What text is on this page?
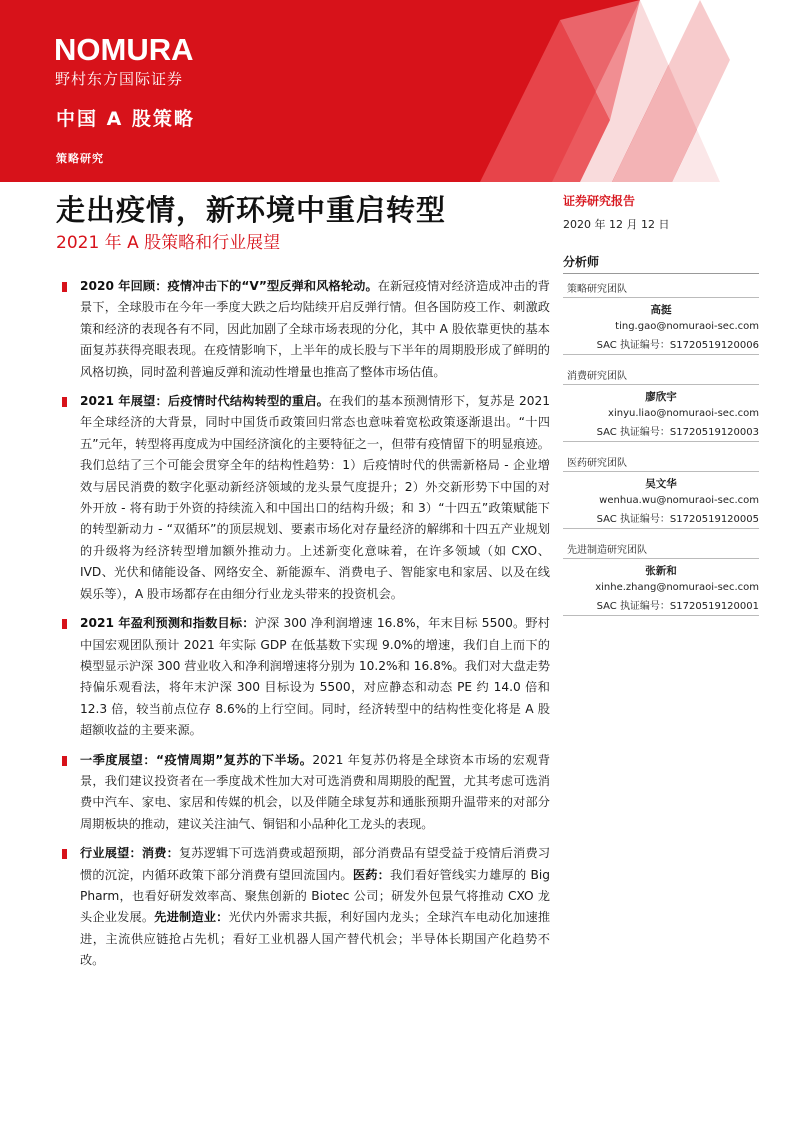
NOMURA
野村东方国际证券
中国 A 股策略
策略研究
走出疫情，新环境中重启转型
2021 年 A 股策略和行业展望
证券研究报告
2020 年 12 月 12 日
2020 年回顾：疫情冲击下的“V”型反弹和风格轮动。在新冠疫情对经济造成冲击的背景下，全球股市在今年一季度大跌之后均陆续开启反弹行情。但各国防疫工作、刺激政策和经济的表现各有不同，因此加剧了全球市场表现的分化，其中 A 股依靠更快的基本面复苏获得亮眼表现。在疫情影响下，上半年的成长股与下半年的周期股形成了鲜明的风格切换，同时盈利普遍反弹和流动性增量也推高了整体市场估值。
2021 年展望：后疫情时代结构转型的重启。在我们的基本预测情形下，复苏是 2021 年全球经济的大背景，同时中国货币政策回归常态也意味着宽松政策逐渐退出。“十四五”元年，转型将再度成为中国经济演化的主要特征之一，但带有疫情留下的明显痕迹。我们总结了三个可能会贯穿全年的结构性趋势：1）后疫情时代的供需新格局 - 企业增效与居民消费的数字化驱动新经济领域的龙头景气度提升；2）外交新形势下中国的对外开放 - 将有助于外资的持续流入和中国出口的结构升级；和 3）“十四五”政策赋能下的转型新动力 - “双循环”的顶层规划、要素市场化对存量经济的解绑和十四五产业规划的升级将为经济转型增加额外推动力。上述新变化意味着，在许多领域（如 CXO、IVD、光伏和储能设备、网络安全、新能源车、消费电子、智能家电和家居、以及在线娱乐等），A 股市场都存在由细分行业龙头带来的投资机会。
2021 年盈利预测和指数目标：沪深 300 净利润增速 16.8%，年末目标 5500。野村中国宏观团队预计 2021 年实际 GDP 在低基数下实现 9.0%的增速，我们自上而下的模型显示沪深 300 营业收入和净利润增速将分别为 10.2%和 16.8%。我们对大盘走势持偏乐观看法，将年末沪深 300 目标设为 5500，对应静态和动态 PE 约 14.0 倍和 12.3 倍，较当前点位存 8.6%的上行空间。同时，经济转型中的结构性变化将是 A 股超额收益的主要来源。
一季度展望：“疫情周期”复苏的下半场。2021 年复苏仍将是全球资本市场的宏观背景，我们建议投资者在一季度战术性加大对可选消费和周期股的配置，尤其考虑可选消费中汽车、家电、家居和传媒的机会，以及伴随全球复苏和通胀预期升温带来的对部分周期板块的推动，建议关注油气、铜铝和小品种化工龙头的表现。
行业展望：消费：复苏逻辑下可选消费或超预期，部分消费品有望受益于疫情后消费习惯的沉淀，内循环政策下部分消费有望回流国内。医药：我们看好管线实力雄厚的 Big Pharm，也看好研发效率高、聚焦创新的 Biotec 公司；研发外包景气将推动 CXO 龙头企业发展。先进制造业：光伏内外需求共振，利好国内龙头；全球汽车电动化加速推进，主流供应链抢占先机；看好工业机器人国产替代机会；半导体长期国产化趋势不改。
分析师
策略研究团队
高挺
ting.gao@nomuraoi-sec.com
SAC 执证编号：S1720519120006
消费研究团队
廖欣宇
xinyu.liao@nomuraoi-sec.com
SAC 执证编号：S1720519120003
医药研究团队
吴文华
wenhua.wu@nomuraoi-sec.com
SAC 执证编号：S1720519120005
先进制造研究团队
张新和
xinhe.zhang@nomuraoi-sec.com
SAC 执证编号：S1720519120001
